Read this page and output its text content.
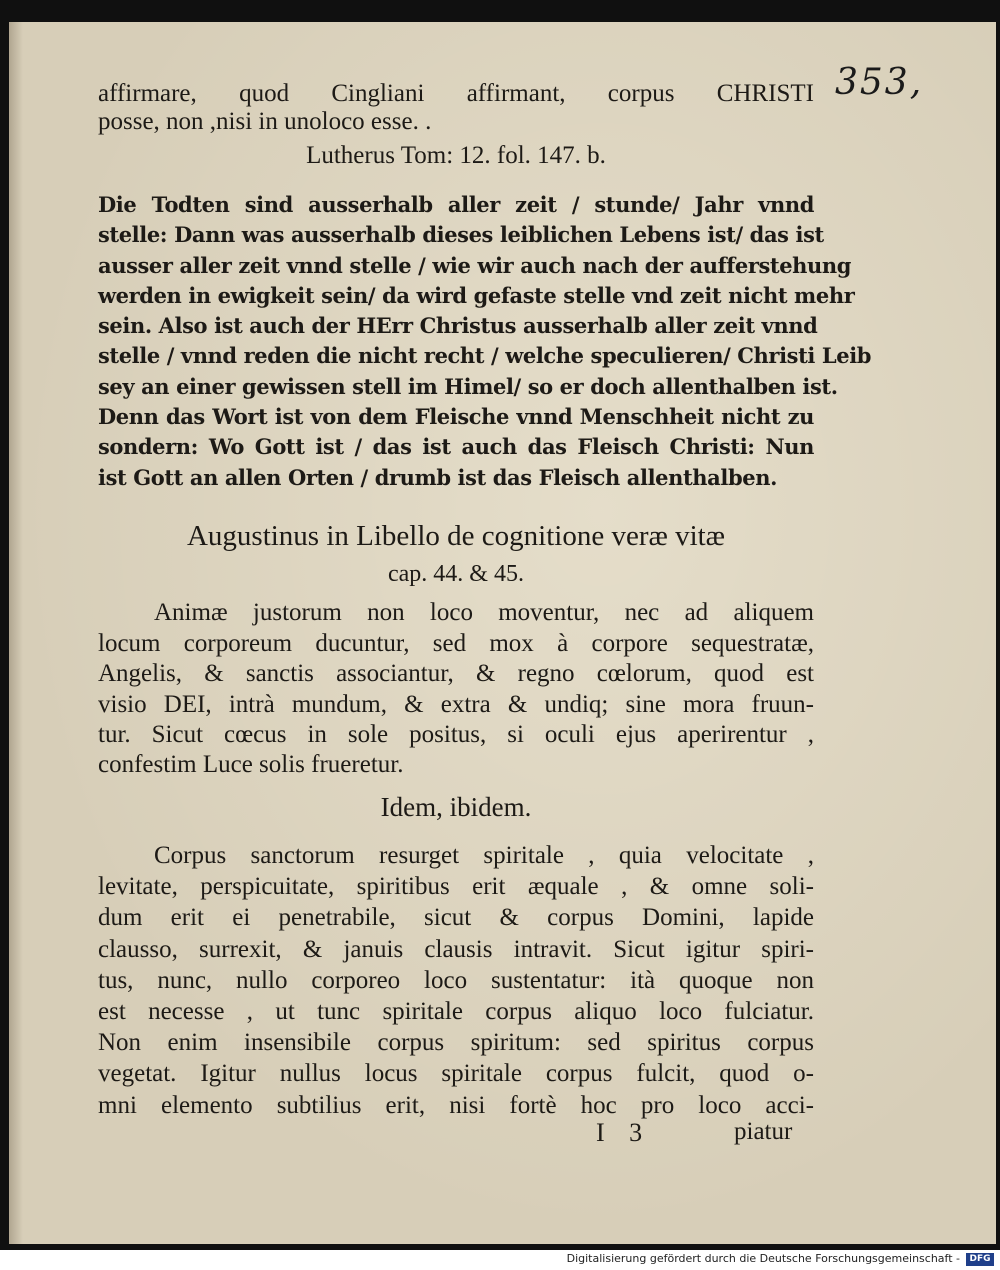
353,
affirmare, quod Cingliani affirmant, corpus CHRISTI
posse, non ,nisi in unoloco esse. .
Lutherus Tom: 12. fol. 147. b.
Die Todten sind ausserhalb aller zeit / stunde/ Jahr vnnd
stelle: Dann was ausserhalb dieses leiblichen Lebens ist/ das ist
ausser aller zeit vnnd stelle / wie wir auch nach der aufferstehung
werden in ewigkeit sein/ da wird gefaste stelle vnd zeit nicht mehr
sein. Also ist auch der HErr Christus ausserhalb aller zeit vnnd
stelle / vnnd reden die nicht recht / welche speculieren/ Christi Leib
sey an einer gewissen stell im Himel/ so er doch allenthalben ist.
Denn das Wort ist von dem Fleische vnnd Menschheit nicht zu
sondern: Wo Gott ist / das ist auch das Fleisch Christi: Nun
ist Gott an allen Orten / drumb ist das Fleisch allenthalben.
Augustinus in Libello de cognitione veræ vitæ
cap. 44. & 45.
Animæ justorum non loco moventur, nec ad aliquem
locum corporeum ducuntur, sed mox à corpore sequestratæ,
Angelis, & sanctis associantur, & regno cœlorum, quod est
visio DEI, intrà mundum, & extra & undiq; sine mora fruun-
tur. Sicut cœcus in sole positus, si oculi ejus aperirentur ,
confestim Luce solis frueretur.
Idem, ibidem.
Corpus sanctorum resurget spiritale , quia velocitate ,
levitate, perspicuitate, spiritibus erit æquale , & omne soli-
dum erit ei penetrabile, sicut & corpus Domini, lapide
claussо, surrexit, & januis clausis intravit. Sicut igitur spiri-
tus, nunc, nullo corporeo loco sustentatur: ità quoque non
est necesse , ut tunc spiritale corpus aliquo loco fulciatur.
Non enim insensibile corpus spiritum: sed spiritus corpus
vegetat. Igitur nullus locus spiritale corpus fulcit, quod o-
mni elemento subtilius erit, nisi fortè hoc pro loco acci-
I 3	piatur
Digitalisierung gefördert durch die Deutsche Forschungsgemeinschaft -	DFG
